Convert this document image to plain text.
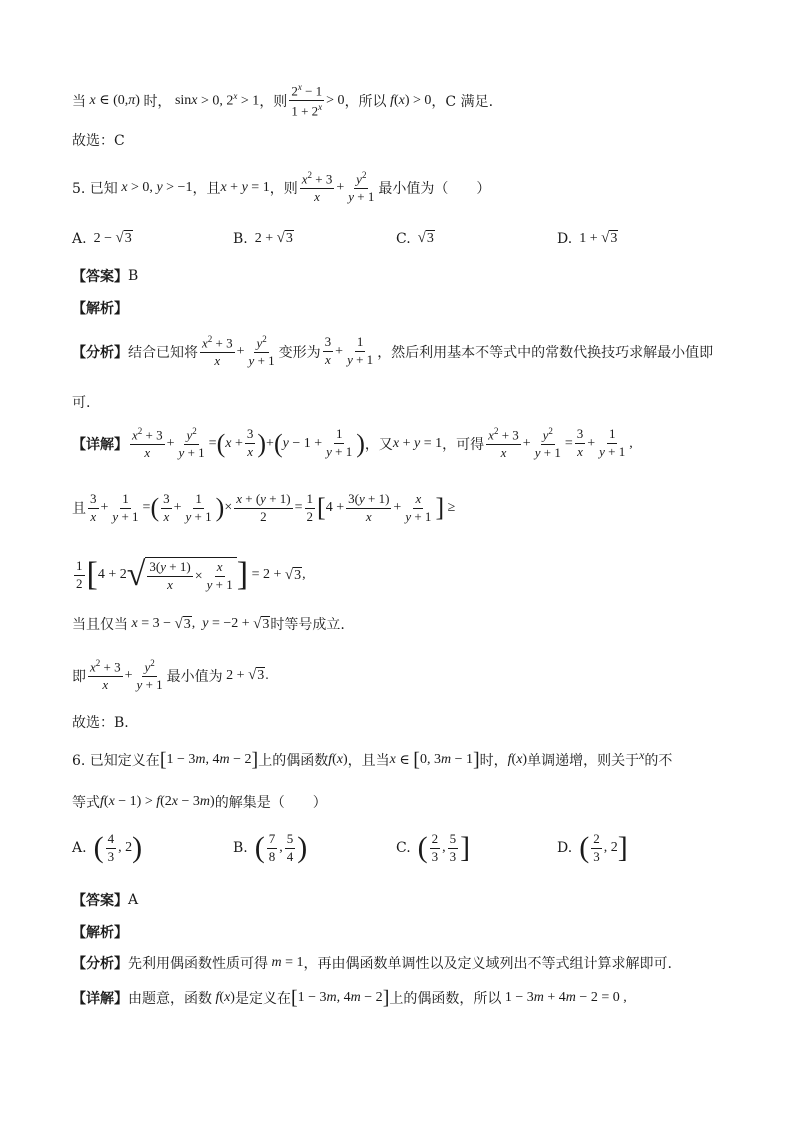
当 x ∈ (0, π ) 时， sin x > 0, $2^x > 1$ ，则 $\frac{2^x - 1}{1 + 2^x} > 0$ ，所以 f ( x ) > 0 ，C 满足.
故选：C
5. 已知 x > 0, y > −1 ，且 x + y = 1 ，则 $\frac{x^2 + 3}{x} + \frac{y^2}{y + 1}$ 最小值为（　　）
A. 2 − √ 3	B. 2 + √ 3	C.
√ 3	D. 1 + √ 3
【答案】 B
【解析】
【分析】 结合已知将 $\frac{x^2 + 3}{x} + \frac{y^2}{y + 1}$ 变形为 $\frac{3}{x} + \frac{1}{y + 1}$ ，然后利用基本不等式中的常数代换技巧求解最小值即
可.
【详解】 $\frac{x^2 + 3}{x} + \frac{y^2}{y + 1}$ = ( $x + \frac{3}{x}$ ) + ( $y - 1 + \frac{1}{y + 1}$ ) ，又 x + y = 1 ，可得 $\frac{x^2 + 3}{x} + \frac{y^2}{y + 1} = \frac{3}{x} + \frac{1}{y + 1}$ ,
且 $\frac{3}{x} + \frac{1}{y + 1}$ = ( $\frac{3}{x} + \frac{1}{y + 1}$ ) × $\frac{x + (y + 1)}{2} = \frac{1}{2}$ [ $4 + \frac{3(y + 1)}{x} + \frac{x}{y + 1}$ ] ≥
$\frac{1}{2}$ [ 4 + 2 √ $\frac{3(y + 1)}{x} \times \frac{x}{y + 1}$ ] = 2 + √ 3 ,
当且仅当 x = 3 − √ 3 , y = −2 + √ 3 时等号成立.
即 $\frac{x^2 + 3}{x} + \frac{y^2}{y + 1}$ 最小值为 2 + √ 3 .
故选：B.
6. 已知定义在 [ 1 − 3 m , 4 m − 2 ] 上的偶函数 f ( x ) ，且当 x ∈ [ 0, 3 m − 1 ] 时， f ( x ) 单调递增，则关于 x 的不
等式 f ( x − 1) > f (2 x − 3 m ) 的解集是（　　）
A.
( $\frac{4}{3}$ , 2 )	B.
( $\frac{7}{8}$ , $\frac{5}{4}$ )	C.
( $\frac{2}{3}$ , $\frac{5}{3}$ ]	D.
( $\frac{2}{3}$ , 2 ]
【答案】 A
【解析】
【分析】 先利用偶函数性质可得 m = 1 ，再由偶函数单调性以及定义域列出不等式组计算求解即可.
【详解】 由题意，函数 f ( x ) 是定义在 [ 1 − 3 m , 4 m − 2 ] 上的偶函数，所以 1 − 3 m + 4 m − 2 = 0 ,
